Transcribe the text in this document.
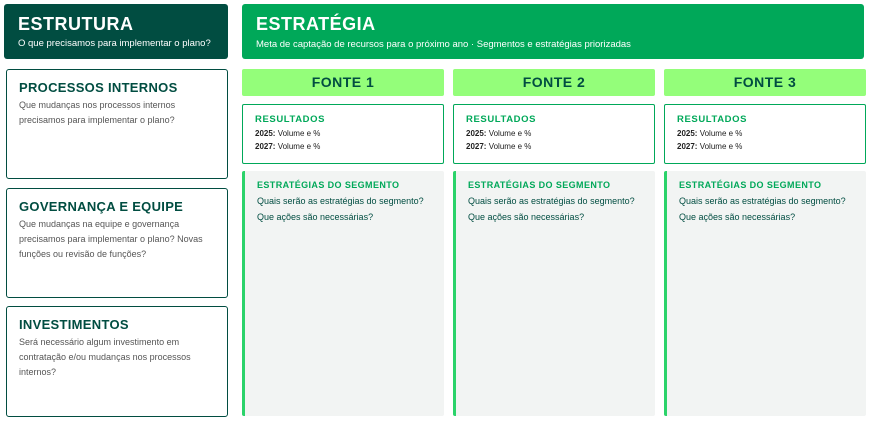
ESTRUTURA
O que precisamos para implementar o plano?
ESTRATÉGIA
Meta de captação de recursos para o próximo ano · Segmentos e estratégias priorizadas
PROCESSOS INTERNOS
Que mudanças nos processos internos precisamos para implementar o plano?
GOVERNANÇA E EQUIPE
Que mudanças na equipe e governança precisamos para implementar o plano? Novas funções ou revisão de funções?
INVESTIMENTOS
Será necessário algum investimento em contratação e/ou mudanças nos processos internos?
FONTE 1
RESULTADOS
2025: Volume e %
2027: Volume e %
ESTRATÉGIAS DO SEGMENTO
Quais serão as estratégias do segmento?
Que ações são necessárias?
FONTE 2
RESULTADOS
2025: Volume e %
2027: Volume e %
ESTRATÉGIAS DO SEGMENTO
Quais serão as estratégias do segmento?
Que ações são necessárias?
FONTE 3
RESULTADOS
2025: Volume e %
2027: Volume e %
ESTRATÉGIAS DO SEGMENTO
Quais serão as estratégias do segmento?
Que ações são necessárias?
